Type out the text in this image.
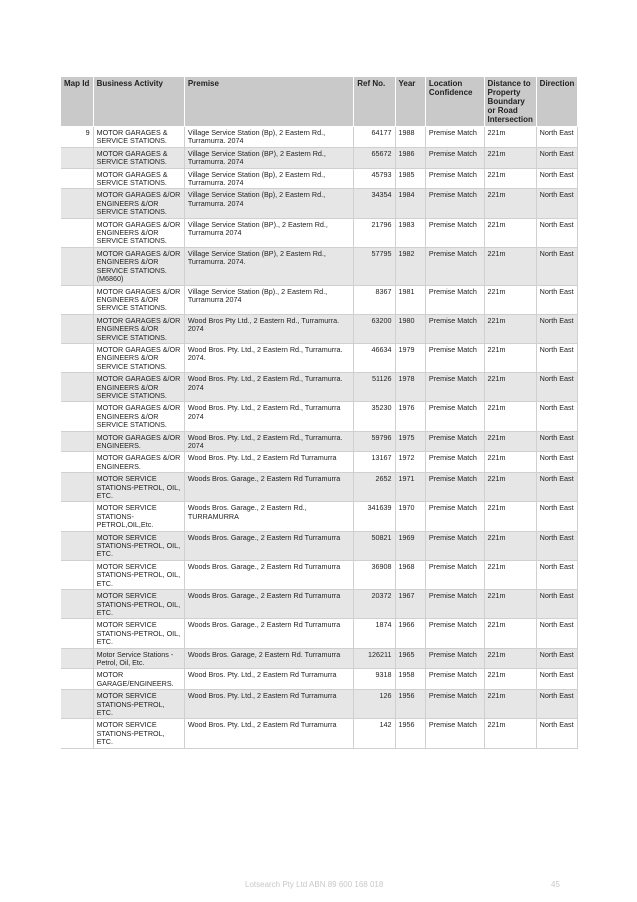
Map Id	Business Activity	Premise	Ref No.	Year	Location Confidence	Distance to Property Boundary or Road Intersection	Direction
9	MOTOR GARAGES & SERVICE STATIONS.	Village Service Station (Bp), 2 Eastern Rd., Turramurra. 2074	64177	1988	Premise Match	221m	North East
	MOTOR GARAGES & SERVICE STATIONS.	Village Service Station (BP), 2 Eastern Rd., Turramurra. 2074	65672	1986	Premise Match	221m	North East
	MOTOR GARAGES & SERVICE STATIONS.	Village Service Station (Bp), 2 Eastern Rd., Turramurra. 2074	45793	1985	Premise Match	221m	North East
	MOTOR GARAGES &/OR ENGINEERS &/OR SERVICE STATIONS.	Village Service Station (Bp), 2 Eastern Rd., Turramurra. 2074	34354	1984	Premise Match	221m	North East
	MOTOR GARAGES &/OR ENGINEERS &/OR SERVICE STATIONS.	Village Service Station (BP)., 2 Eastern Rd., Turramurra 2074	21796	1983	Premise Match	221m	North East
	MOTOR GARAGES &/OR ENGINEERS &/OR SERVICE STATIONS. (M6860)	Village Service Station (BP), 2 Eastern Rd., Turramurra. 2074.	57795	1982	Premise Match	221m	North East
	MOTOR GARAGES &/OR ENGINEERS &/OR SERVICE STATIONS.	Village Service Station (Bp)., 2 Eastern Rd., Turramurra 2074	8367	1981	Premise Match	221m	North East
	MOTOR GARAGES &/OR ENGINEERS &/OR SERVICE STATIONS.	Wood Bros Pty Ltd., 2 Eastern Rd., Turramurra. 2074	63200	1980	Premise Match	221m	North East
	MOTOR GARAGES &/OR ENGINEERS &/OR SERVICE STATIONS.	Wood Bros. Pty. Ltd., 2 Eastern Rd., Turramurra. 2074.	46634	1979	Premise Match	221m	North East
	MOTOR GARAGES &/OR ENGINEERS &/OR SERVICE STATIONS.	Wood Bros. Pty. Ltd., 2 Eastern Rd., Turramurra. 2074	51126	1978	Premise Match	221m	North East
	MOTOR GARAGES &/OR ENGINEERS &/OR SERVICE STATIONS.	Wood Bros. Pty. Ltd., 2 Eastern Rd., Turramurra 2074	35230	1976	Premise Match	221m	North East
	MOTOR GARAGES &/OR ENGINEERS.	Wood Bros. Pty. Ltd., 2 Eastern Rd., Turramurra. 2074	59796	1975	Premise Match	221m	North East
	MOTOR GARAGES &/OR ENGINEERS.	Wood Bros. Pty. Ltd., 2 Eastern Rd Turramurra	13167	1972	Premise Match	221m	North East
	MOTOR SERVICE STATIONS-PETROL, OIL, ETC.	Woods Bros. Garage., 2 Eastern Rd Turramurra	2652	1971	Premise Match	221m	North East
	MOTOR SERVICE STATIONS-PETROL,OIL,Etc.	Woods Bros. Garage., 2 Eastern Rd., TURRAMURRA	341639	1970	Premise Match	221m	North East
	MOTOR SERVICE STATIONS-PETROL, OIL, ETC.	Woods Bros. Garage., 2 Eastern Rd Turramurra	50821	1969	Premise Match	221m	North East
	MOTOR SERVICE STATIONS-PETROL, OIL, ETC.	Woods Bros. Garage., 2 Eastern Rd Turramurra	36908	1968	Premise Match	221m	North East
	MOTOR SERVICE STATIONS-PETROL, OIL, ETC.	Woods Bros. Garage., 2 Eastern Rd Turramurra	20372	1967	Premise Match	221m	North East
	MOTOR SERVICE STATIONS-PETROL, OIL, ETC.	Woods Bros. Garage., 2 Eastern Rd Turramurra	1874	1966	Premise Match	221m	North East
	Motor Service Stations - Petrol, Oil, Etc.	Woods Bros. Garage, 2 Eastern Rd. Turramurra	126211	1965	Premise Match	221m	North East
	MOTOR GARAGE/ENGINEERS.	Wood Bros. Pty. Ltd., 2 Eastern Rd Turramurra	9318	1958	Premise Match	221m	North East
	MOTOR SERVICE STATIONS-PETROL, ETC.	Wood Bros. Pty. Ltd., 2 Eastern Rd Turramurra	126	1956	Premise Match	221m	North East
	MOTOR SERVICE STATIONS-PETROL, ETC.	Wood Bros. Pty. Ltd., 2 Eastern Rd Turramurra	142	1956	Premise Match	221m	North East
Lotsearch Pty Ltd ABN 89 600 168 018	45
